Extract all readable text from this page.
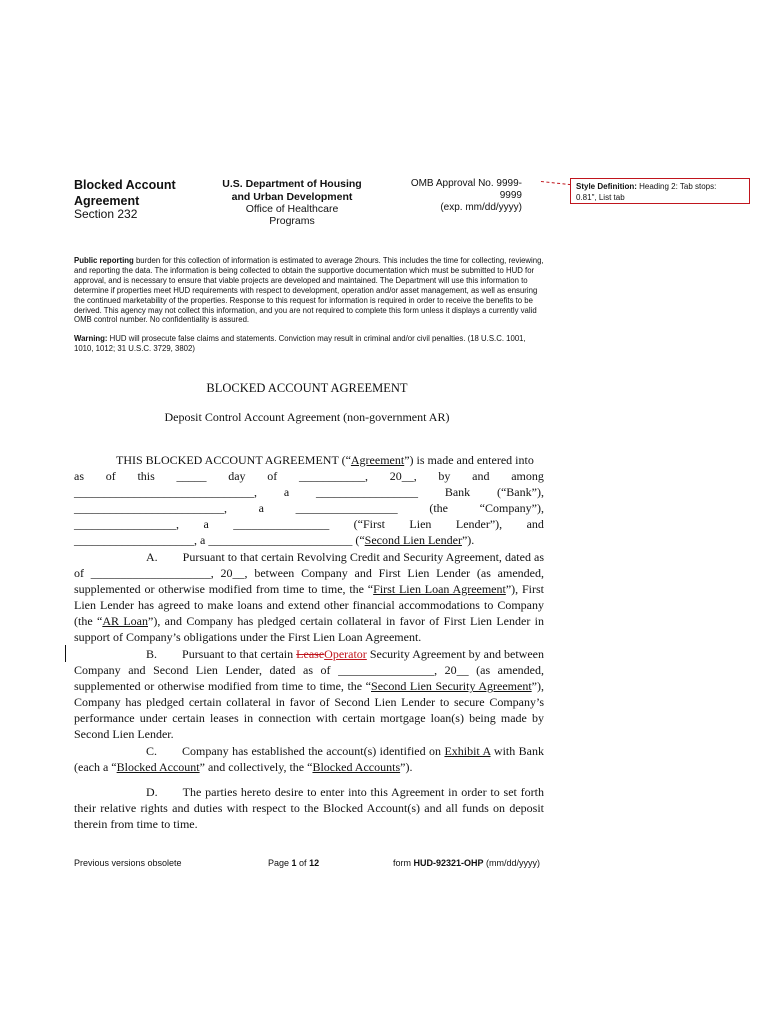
Blocked Account
Agreement
Section 232
U.S. Department of Housing
and Urban Development
Office of Healthcare Programs
OMB Approval No. 9999-9999
(exp. mm/dd/yyyy)
Style Definition: Heading 2: Tab stops:
0.81", List tab
Public reporting burden for this collection of information is estimated to average 2hours. This includes the time for collecting, reviewing, and reporting the data. The information is being collected to obtain the supportive documentation which must be submitted to HUD for approval, and is necessary to ensure that viable projects are developed and maintained. The Department will use this information to determine if properties meet HUD requirements with respect to development, operation and/or asset management, as well as ensuring the continued marketability of the properties. Response to this request for information is required in order to receive the benefits to be derived. This agency may not collect this information, and you are not required to complete this form unless it displays a currently valid OMB control number. No confidentiality is assured.
Warning: HUD will prosecute false claims and statements. Conviction may result in criminal and/or civil penalties. (18 U.S.C. 1001, 1010, 1012; 31 U.S.C. 3729, 3802)
BLOCKED ACCOUNT AGREEMENT
Deposit Control Account Agreement (non-government AR)
THIS BLOCKED ACCOUNT AGREEMENT (“Agreement”) is made and entered into
as of this _____ day of ___________, 20__, by and among
______________________________, a _________________ Bank (“Bank”),
_________________________,	a	_________________	(the	“Company”),
_________________, a ________________ (“First Lien Lender”), and
____________________, a ________________________ (“Second Lien Lender”).
A. Pursuant to that certain Revolving Credit and Security Agreement, dated as of ____________________, 20__, between Company and First Lien Lender (as amended, supplemented or otherwise modified from time to time, the “First Lien Loan Agreement”), First Lien Lender has agreed to make loans and extend other financial accommodations to Company (the “AR Loan”), and Company has pledged certain collateral in favor of First Lien Lender in support of Company’s obligations under the First Lien Loan Agreement.
B. Pursuant to that certain LeaseOperator Security Agreement by and between Company and Second Lien Lender, dated as of ________________, 20__ (as amended, supplemented or otherwise modified from time to time, the “Second Lien Security Agreement”), Company has pledged certain collateral in favor of Second Lien Lender to secure Company’s performance under certain leases in connection with certain mortgage loan(s) being made by Second Lien Lender.
C. Company has established the account(s) identified on Exhibit A with Bank (each a “Blocked Account” and collectively, the “Blocked Accounts”).
D. The parties hereto desire to enter into this Agreement in order to set forth their relative rights and duties with respect to the Blocked Account(s) and all funds on deposit therein from time to time.
Previous versions obsolete	Page 1 of 12	form HUD-92321-OHP (mm/dd/yyyy)
